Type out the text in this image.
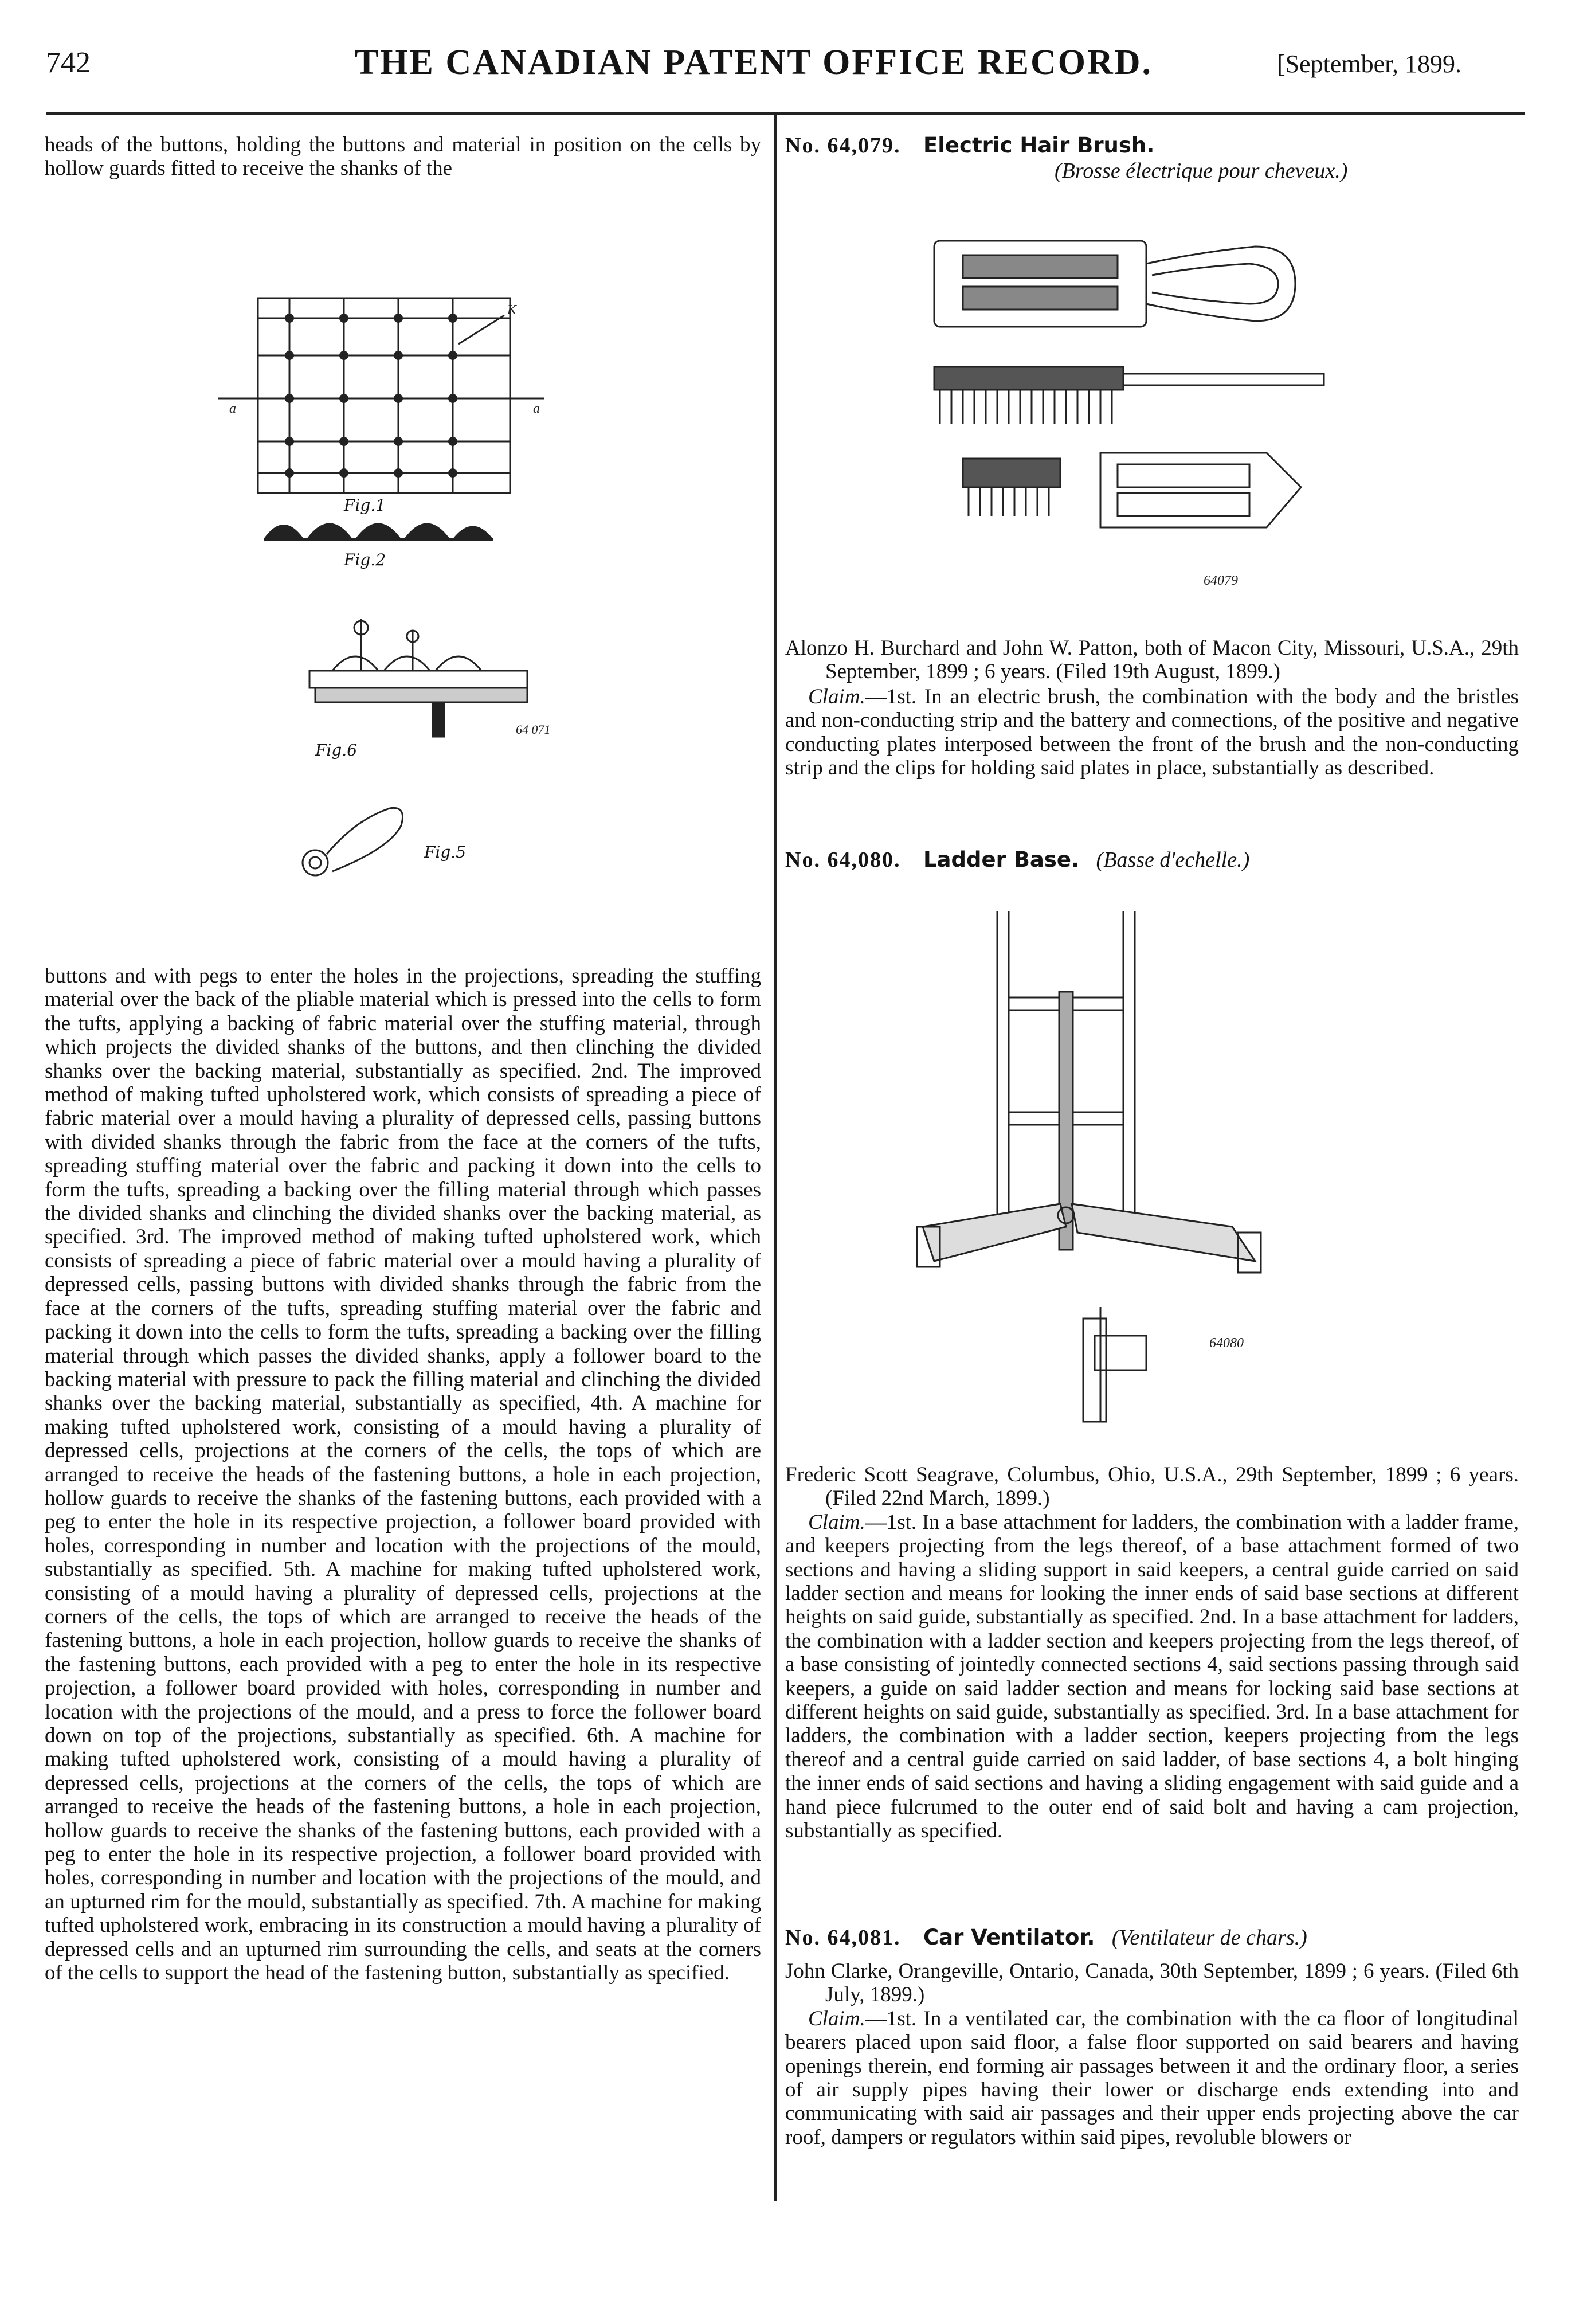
742	THE CANADIAN PATENT OFFICE RECORD.	[September, 1899.

heads of the buttons, holding the buttons and material in position on the cells by hollow guards fitted to receive the shanks of the

K
a	a
64 071
Fig.1
Fig.2
Fig.6
Fig.5

buttons and with pegs to enter the holes in the projections, spreading the stuffing material over the back of the pliable material which is pressed into the cells to form the tufts, applying a backing of fabric material over the stuffing material, through which projects the divided shanks of the buttons, and then clinching the divided shanks over the backing material, substantially as specified. 2nd. The improved method of making tufted upholstered work, which consists of spreading a piece of fabric material over a mould having a plurality of depressed cells, passing buttons with divided shanks through the fabric from the face at the corners of the tufts, spreading stuffing material over the fabric and packing it down into the cells to form the tufts, spreading a backing over the filling material through which passes the divided shanks and clinching the divided shanks over the backing material, as specified. 3rd. The improved method of making tufted upholstered work, which consists of spreading a piece of fabric material over a mould having a plurality of depressed cells, passing buttons with divided shanks through the fabric from the face at the corners of the tufts, spreading stuffing material over the fabric and packing it down into the cells to form the tufts, spreading a backing over the filling material through which passes the divided shanks, apply a follower board to the backing material with pressure to pack the filling material and clinching the divided shanks over the backing material, substantially as specified, 4th. A machine for making tufted upholstered work, consisting of a mould having a plurality of depressed cells, projections at the corners of the cells, the tops of which are arranged to receive the heads of the fastening buttons, a hole in each projection, hollow guards to receive the shanks of the fastening buttons, each provided with a peg to enter the hole in its respective projection, a follower board provided with holes, corresponding in number and location with the projections of the mould, substantially as specified. 5th. A machine for making tufted upholstered work, consisting of a mould having a plurality of depressed cells, projections at the corners of the cells, the tops of which are arranged to receive the heads of the fastening buttons, a hole in each projection, hollow guards to receive the shanks of the fastening buttons, each provided with a peg to enter the hole in its respective projection, a follower board provided with holes, corresponding in number and location with the projections of the mould, and a press to force the follower board down on top of the projections, substantially as specified. 6th. A machine for making tufted upholstered work, consisting of a mould having a plurality of depressed cells, projections at the corners of the cells, the tops of which are arranged to receive the heads of the fastening buttons, a hole in each projection, hollow guards to receive the shanks of the fastening buttons, each provided with a peg to enter the hole in its respective projection, a follower board provided with holes, corresponding in number and location with the projections of the mould, and an upturned rim for the mould, substantially as specified. 7th. A machine for making tufted upholstered work, embracing in its construction a mould having a plurality of depressed cells and an upturned rim surrounding the cells, and seats at the corners of the cells to support the head of the fastening button, substantially as specified.

No. 64,079. Electric Hair Brush.
(Brosse électrique pour cheveux.)
64079

Alonzo H. Burchard and John W. Patton, both of Macon City, Missouri, U.S.A., 29th September, 1899 ; 6 years. (Filed 19th August, 1899.)

Claim.—1st. In an electric brush, the combination with the body and the bristles and non-conducting strip and the battery and connections, of the positive and negative conducting plates interposed between the front of the brush and the non-conducting strip and the clips for holding said plates in place, substantially as described.

No. 64,080. Ladder Base. (Basse d'echelle.)
64080

Frederic Scott Seagrave, Columbus, Ohio, U.S.A., 29th September, 1899 ; 6 years. (Filed 22nd March, 1899.)

Claim.—1st. In a base attachment for ladders, the combination with a ladder frame, and keepers projecting from the legs thereof, of a base attachment formed of two sections and having a sliding support in said keepers, a central guide carried on said ladder section and means for looking the inner ends of said base sections at different heights on said guide, substantially as specified. 2nd. In a base attachment for ladders, the combination with a ladder section and keepers projecting from the legs thereof, of a base consisting of jointedly connected sections 4, said sections passing through said keepers, a guide on said ladder section and means for locking said base sections at different heights on said guide, substantially as specified. 3rd. In a base attachment for ladders, the combination with a ladder section, keepers projecting from the legs thereof and a central guide carried on said ladder, of base sections 4, a bolt hinging the inner ends of said sections and having a sliding engagement with said guide and a hand piece fulcrumed to the outer end of said bolt and having a cam projection, substantially as specified.

No. 64,081. Car Ventilator. (Ventilateur de chars.)

John Clarke, Orangeville, Ontario, Canada, 30th September, 1899 ; 6 years. (Filed 6th July, 1899.)

Claim.—1st. In a ventilated car, the combination with the ca floor of longitudinal bearers placed upon said floor, a false floor supported on said bearers and having openings therein, end forming air passages between it and the ordinary floor, a series of air supply pipes having their lower or discharge ends extending into and communicating with said air passages and their upper ends projecting above the car roof, dampers or regulators within said pipes, revoluble blowers or
